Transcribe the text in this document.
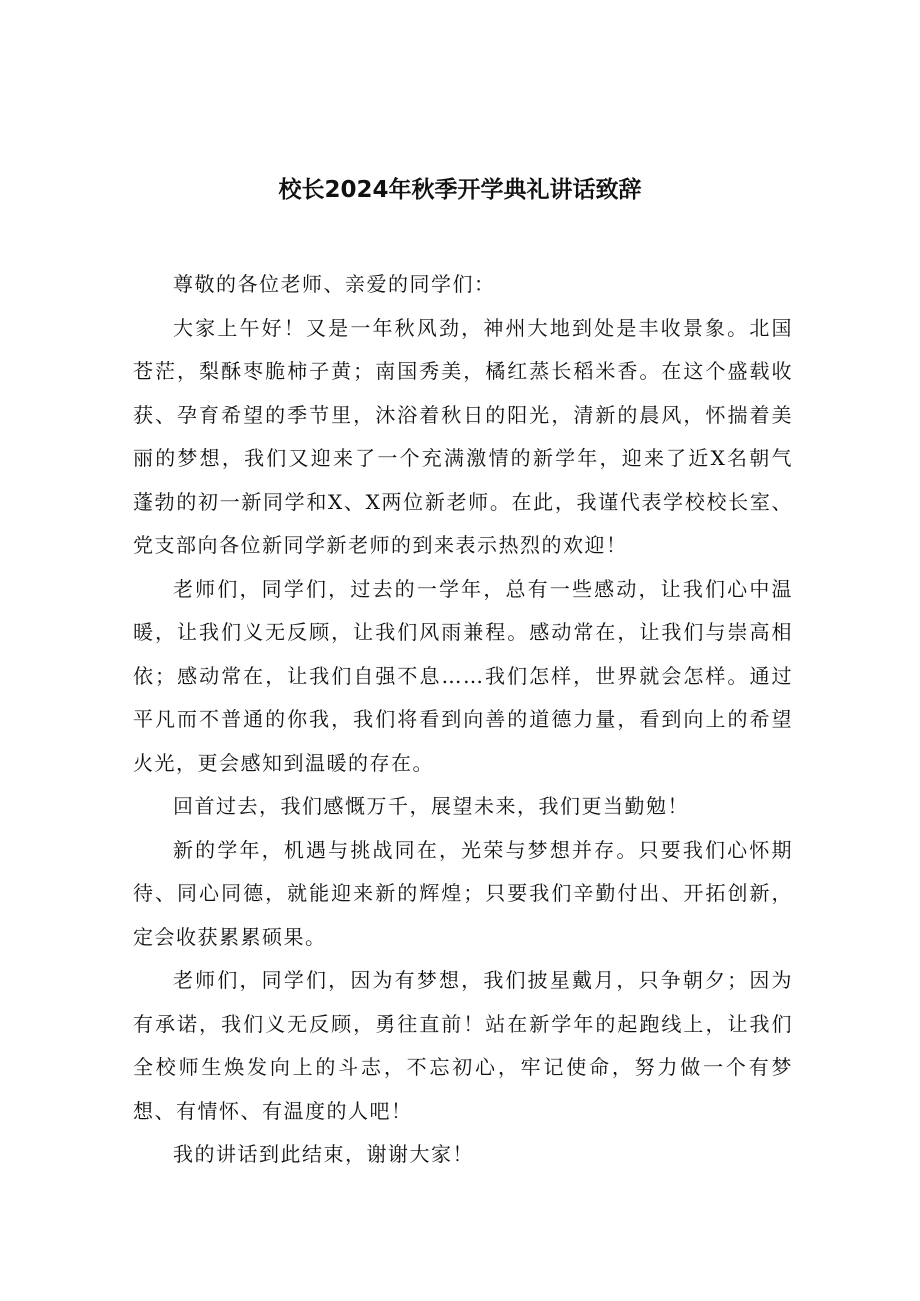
校长2024年秋季开学典礼讲话致辞

尊敬的各位老师、亲爱的同学们：

大家上午好！又是一年秋风劲，神州大地到处是丰收景象。北国苍茫，梨酥枣脆柿子黄；南国秀美，橘红蒸长稻米香。在这个盛载收获、孕育希望的季节里，沐浴着秋日的阳光，清新的晨风，怀揣着美丽的梦想，我们又迎来了一个充满激情的新学年，迎来了近X名朝气蓬勃的初一新同学和X、X两位新老师。在此，我谨代表学校校长室、党支部向各位新同学新老师的到来表示热烈的欢迎！

老师们，同学们，过去的一学年，总有一些感动，让我们心中温暖，让我们义无反顾，让我们风雨兼程。感动常在，让我们与崇高相依；感动常在，让我们自强不息……我们怎样，世界就会怎样。通过平凡而不普通的你我，我们将看到向善的道德力量，看到向上的希望火光，更会感知到温暖的存在。

回首过去，我们感慨万千，展望未来，我们更当勤勉！

新的学年，机遇与挑战同在，光荣与梦想并存。只要我们心怀期待、同心同德，就能迎来新的辉煌；只要我们辛勤付出、开拓创新，定会收获累累硕果。

老师们，同学们，因为有梦想，我们披星戴月，只争朝夕；因为有承诺，我们义无反顾，勇往直前！站在新学年的起跑线上，让我们全校师生焕发向上的斗志，不忘初心，牢记使命，努力做一个有梦想、有情怀、有温度的人吧！

我的讲话到此结束，谢谢大家！
